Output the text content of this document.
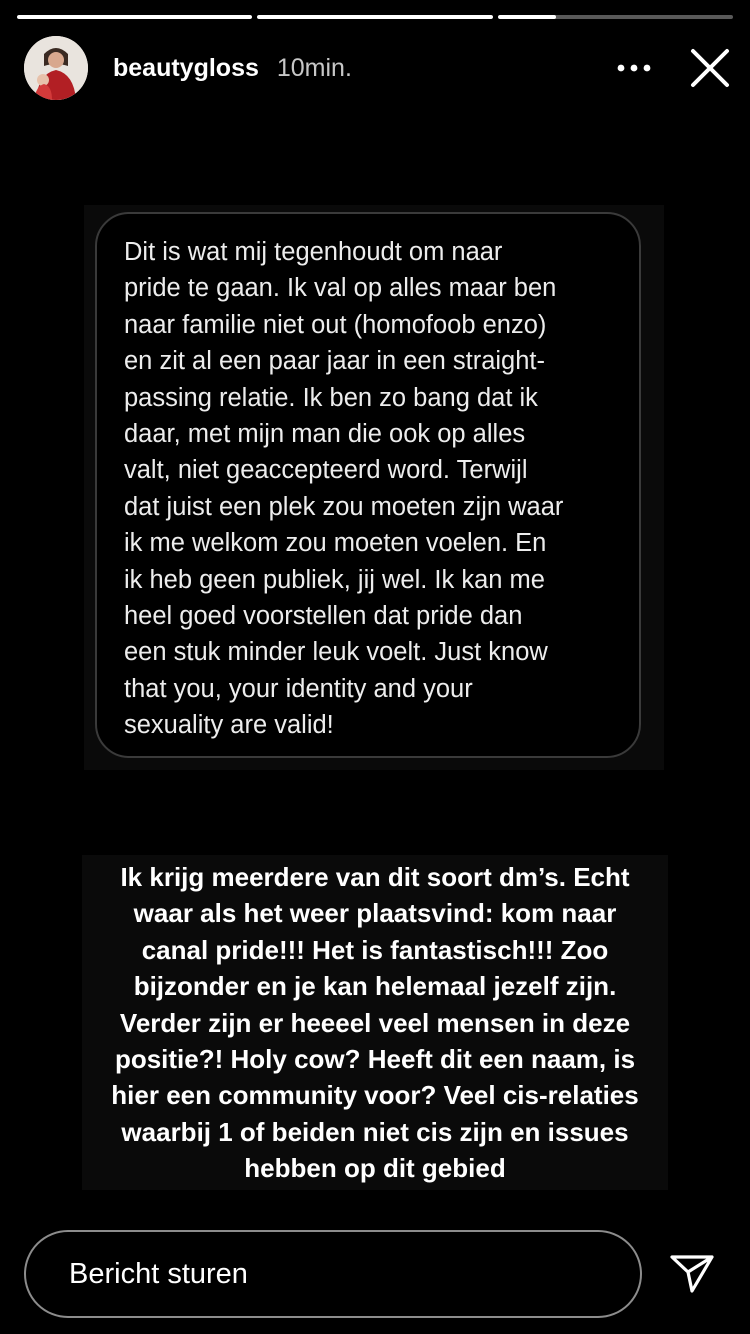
beautygloss 10min.

Dit is wat mij tegenhoudt om naar
pride te gaan. Ik val op alles maar ben
naar familie niet out (homofoob enzo)
en zit al een paar jaar in een straight-
passing relatie. Ik ben zo bang dat ik
daar, met mijn man die ook op alles
valt, niet geaccepteerd word. Terwijl
dat juist een plek zou moeten zijn waar
ik me welkom zou moeten voelen. En
ik heb geen publiek, jij wel. Ik kan me
heel goed voorstellen dat pride dan
een stuk minder leuk voelt. Just know
that you, your identity and your
sexuality are valid!

Ik krijg meerdere van dit soort dm’s. Echt
waar als het weer plaatsvind: kom naar
canal pride!!! Het is fantastisch!!! Zoo
bijzonder en je kan helemaal jezelf zijn.
Verder zijn er heeeel veel mensen in deze
positie?! Holy cow? Heeft dit een naam, is
hier een community voor? Veel cis-relaties
waarbij 1 of beiden niet cis zijn en issues
hebben op dit gebied

Bericht sturen
